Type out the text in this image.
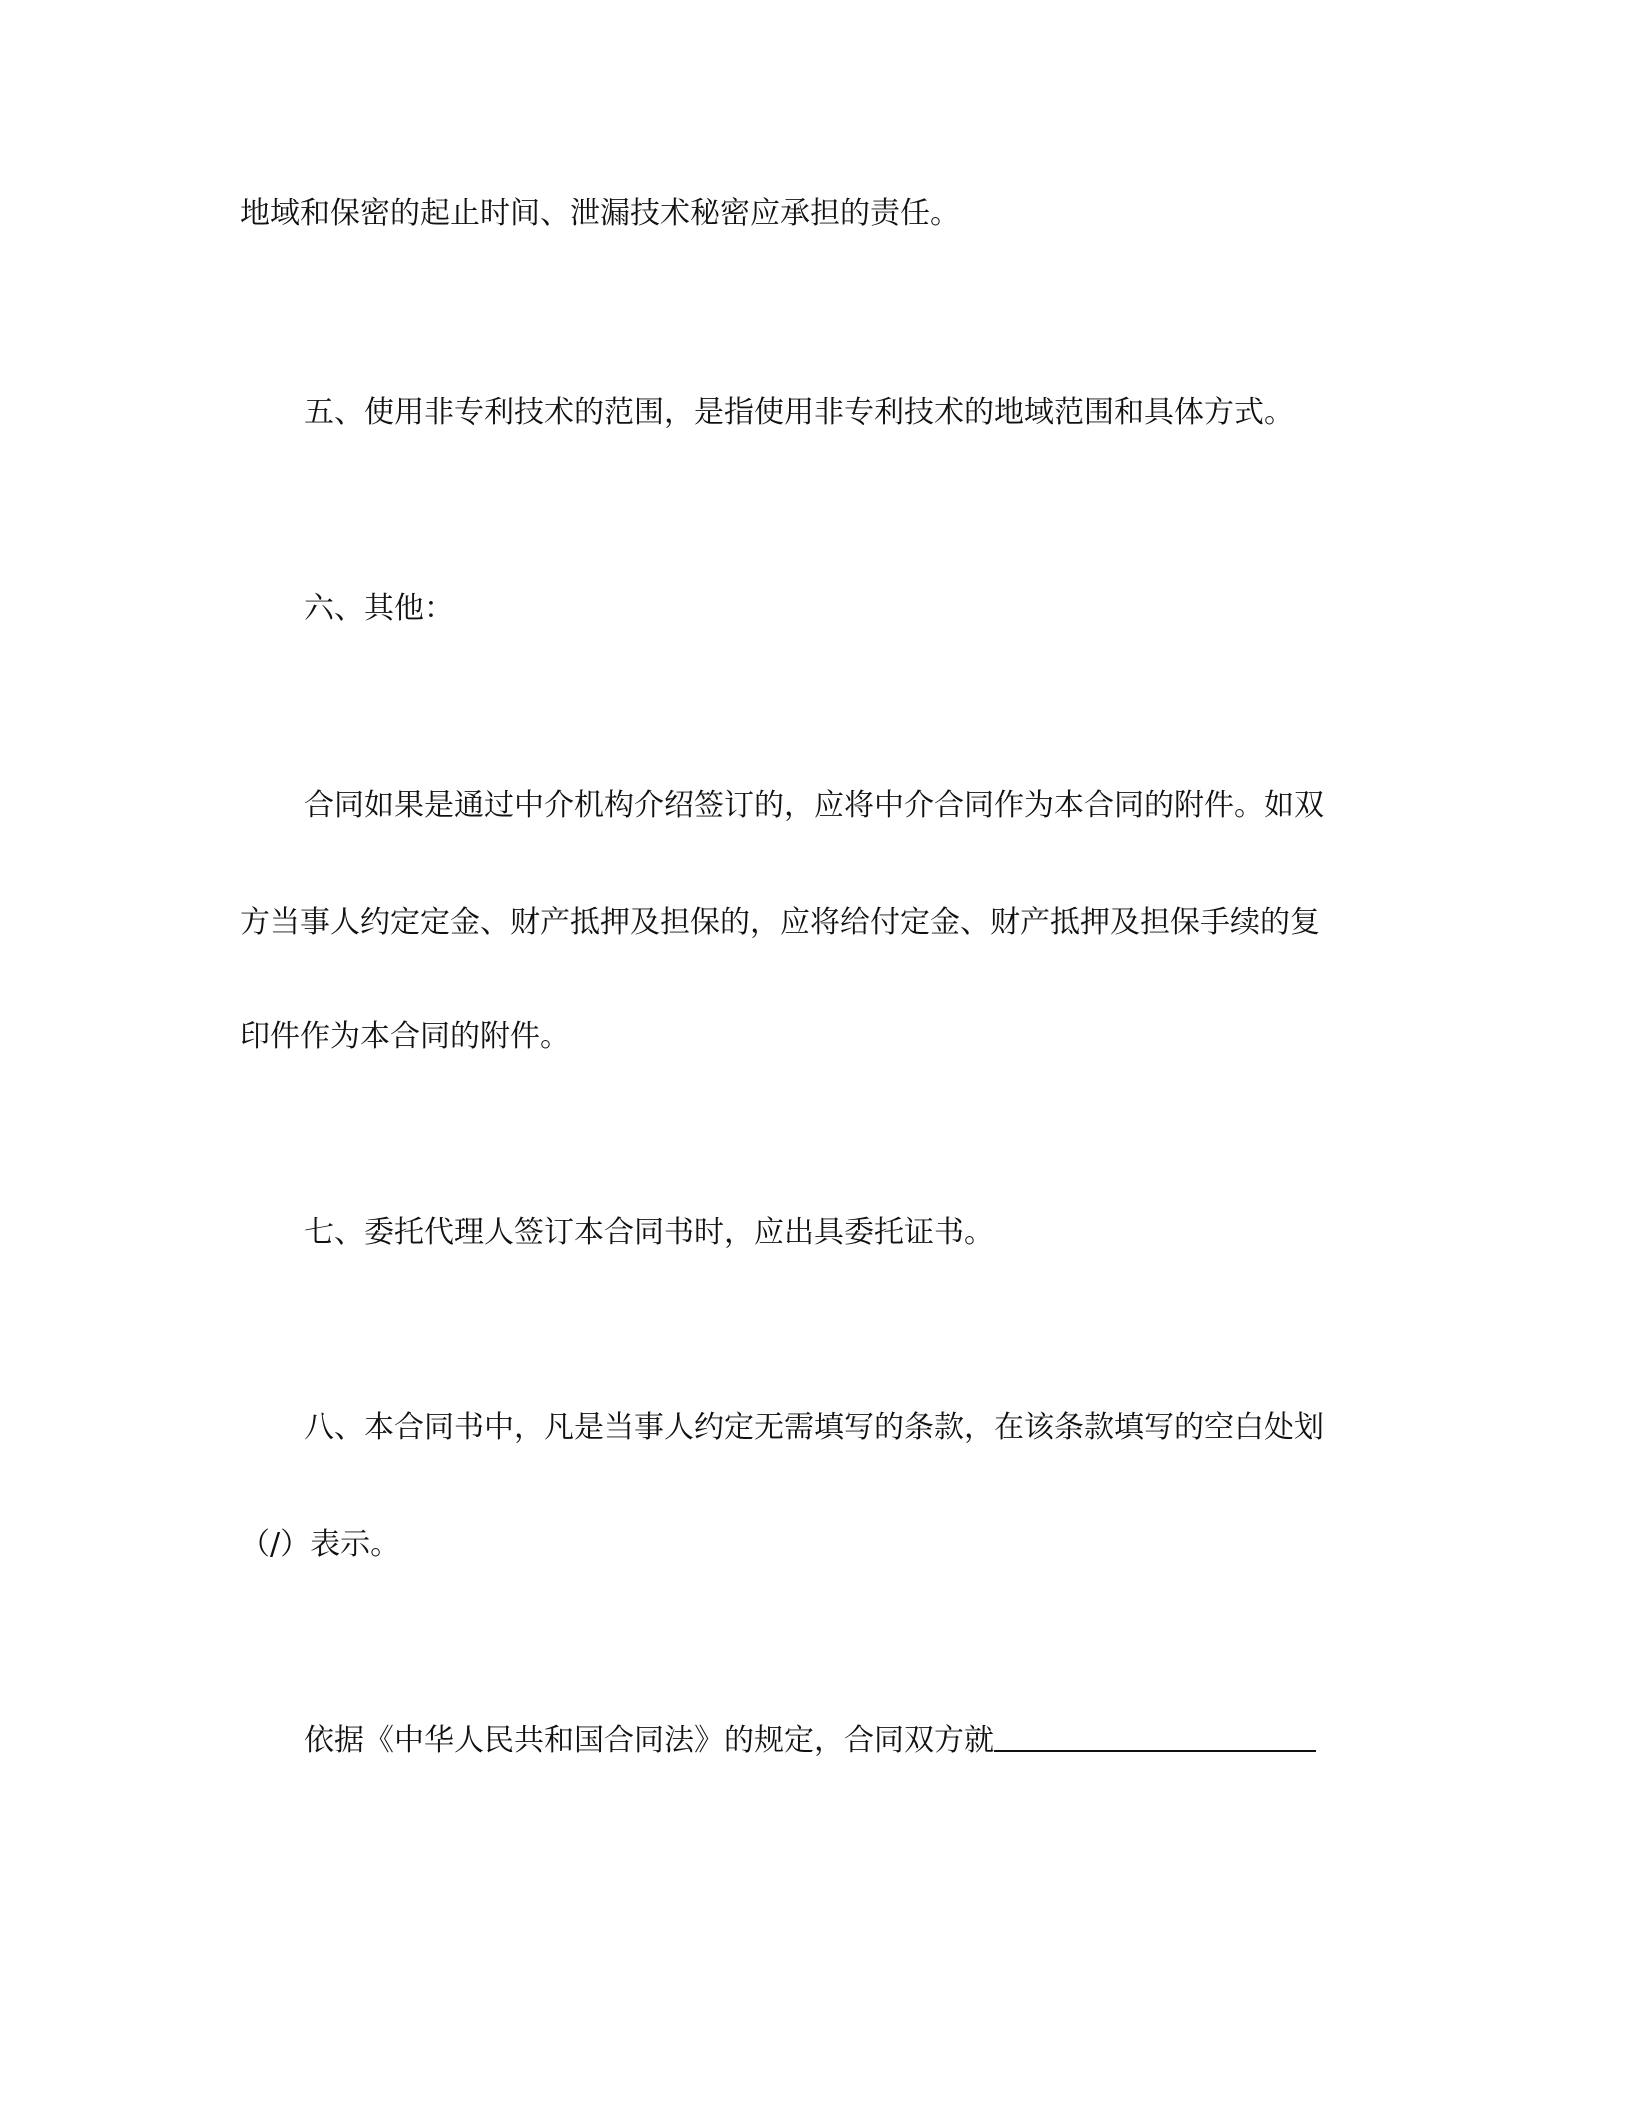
地域和保密的起止时间、泄漏技术秘密应承担的责任。
五、使用非专利技术的范围，是指使用非专利技术的地域范围和具体方式。
六、其他：
合同如果是通过中介机构介绍签订的，应将中介合同作为本合同的附件。如双
方当事人约定定金、财产抵押及担保的，应将给付定金、财产抵押及担保手续的复
印件作为本合同的附件。
七、委托代理人签订本合同书时，应出具委托证书。
八、本合同书中，凡是当事人约定无需填写的条款，在该条款填写的空白处划
（/）表示。
依据《中华人民共和国合同法》的规定，合同双方就
